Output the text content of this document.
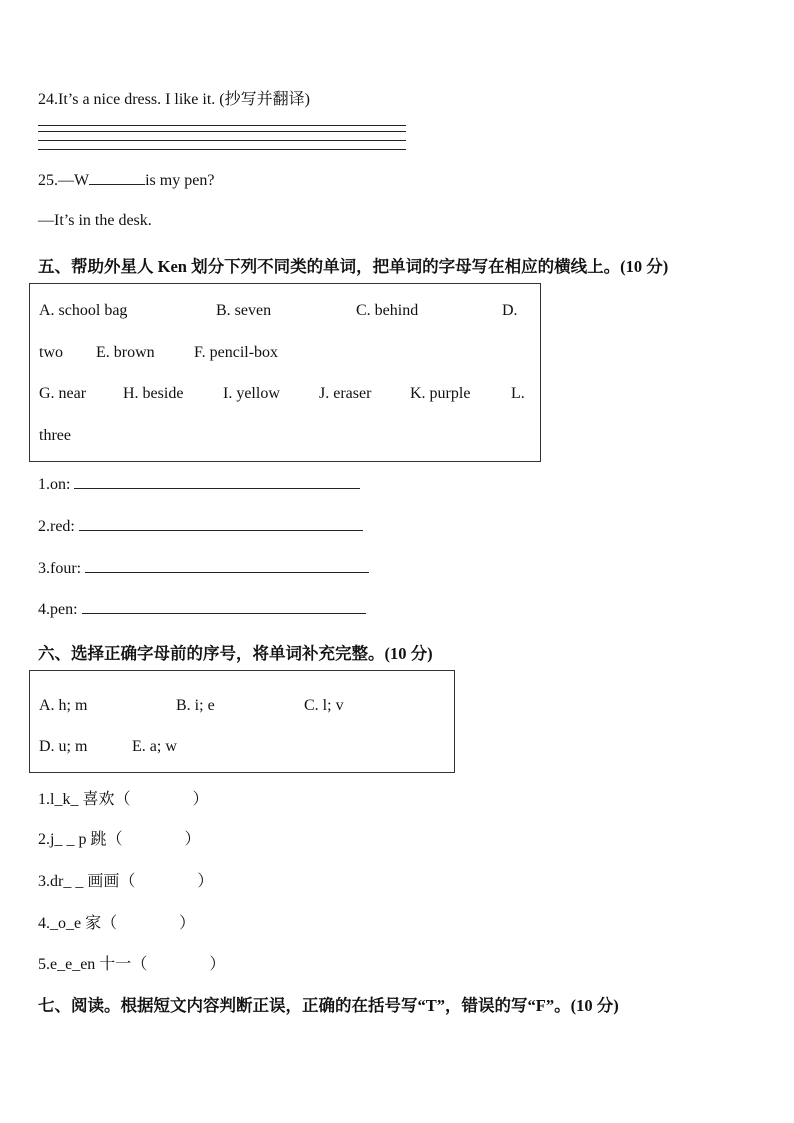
24.It’s a nice dress. I like it. (抄写并翻译)
25.—W	is my pen?
—It’s in the desk.
五、帮助外星人 Ken 划分下列不同类的单词，把单词的字母写在相应的横线上。(10 分)
A. school bag	B. seven	C. behind	D.
two E. brown F. pencil-box
G. near H. beside I. yellow J. eraser K. purple	L.
three
1.on:
2.red:
3.four:
4.pen:
六、选择正确字母前的序号，将单词补充完整。(10 分)
A. h; m	B. i; e	C. l; v
D. u; m	E. a; w
1.l_k_ 喜欢（	）
2.j_ _ p 跳（	）
3.dr_ _ 画画（	）
4._o_e 家（	）
5.e_e_en 十一（	）
七、阅读。根据短文内容判断正误，正确的在括号写“T”，错误的写“F”。(10 分)
